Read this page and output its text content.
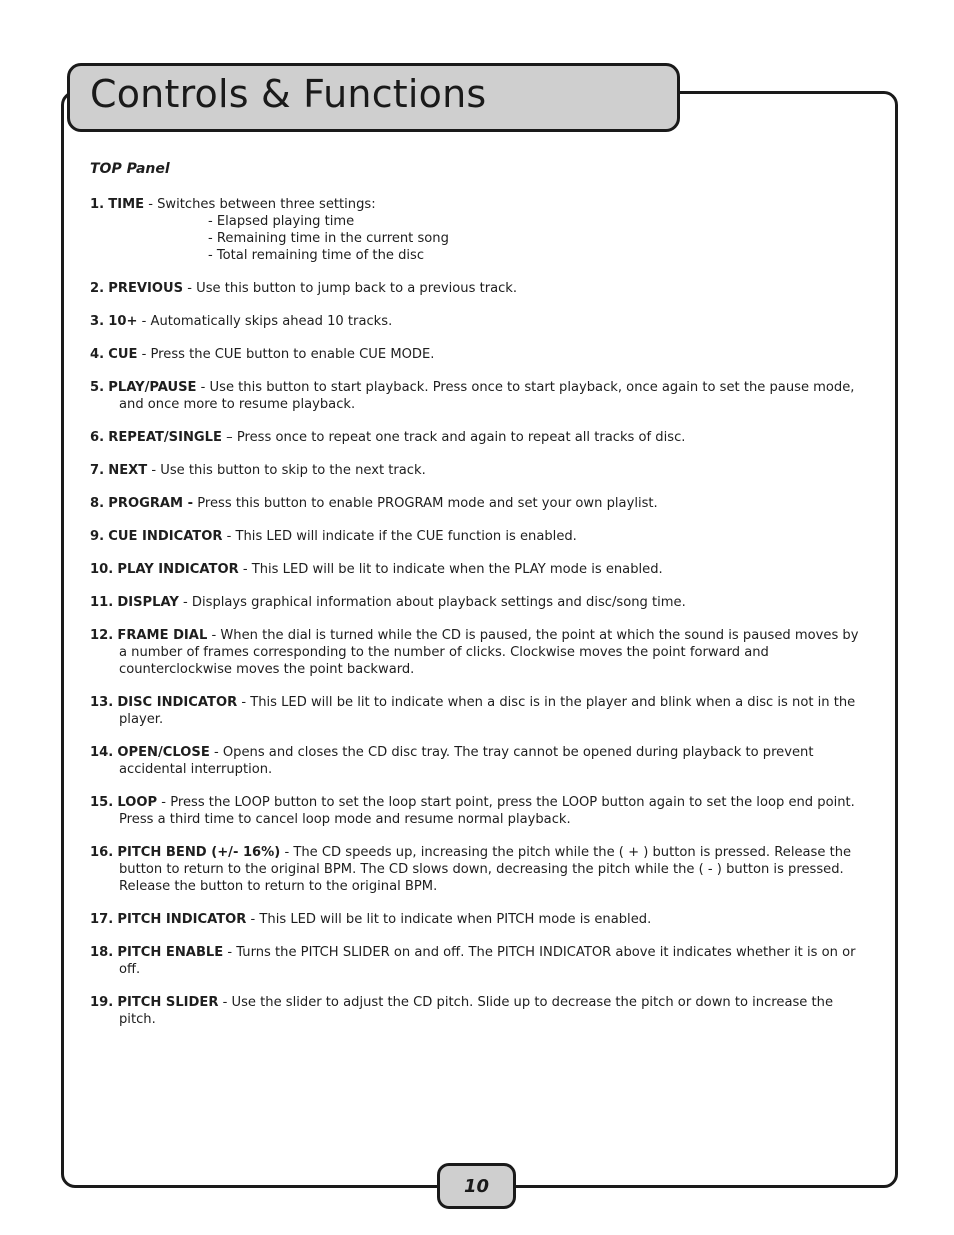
Controls & Functions
TOP Panel
1. TIME - Switches between three settings:
- Elapsed playing time
- Remaining time in the current song
- Total remaining time of the disc
2. PREVIOUS - Use this button to jump back to a previous track.
3. 10+ - Automatically skips ahead 10 tracks.
4. CUE - Press the CUE button to enable CUE MODE.
5. PLAY/PAUSE - Use this button to start playback. Press once to start playback, once again to set the pause mode, and once more to resume playback.
6. REPEAT/SINGLE – Press once to repeat one track and again to repeat all tracks of disc.
7. NEXT - Use this button to skip to the next track.
8. PROGRAM - Press this button to enable PROGRAM mode and set your own playlist.
9. CUE INDICATOR - This LED will indicate if the CUE function is enabled.
10. PLAY INDICATOR - This LED will be lit to indicate when the PLAY mode is enabled.
11. DISPLAY - Displays graphical information about playback settings and disc/song time.
12. FRAME DIAL - When the dial is turned while the CD is paused, the point at which the sound is paused moves by a number of frames corresponding to the number of clicks. Clockwise moves the point forward and counterclockwise moves the point backward.
13. DISC INDICATOR - This LED will be lit to indicate when a disc is in the player and blink when a disc is not in the player.
14. OPEN/CLOSE - Opens and closes the CD disc tray. The tray cannot be opened during playback to prevent accidental interruption.
15. LOOP - Press the LOOP button to set the loop start point, press the LOOP button again to set the loop end point. Press a third time to cancel loop mode and resume normal playback.
16. PITCH BEND (+/- 16%) - The CD speeds up, increasing the pitch while the ( + ) button is pressed. Release the button to return to the original BPM. The CD slows down, decreasing the pitch while the ( - ) button is pressed. Release the button to return to the original BPM.
17. PITCH INDICATOR - This LED will be lit to indicate when PITCH mode is enabled.
18. PITCH ENABLE - Turns the PITCH SLIDER on and off. The PITCH INDICATOR above it indicates whether it is on or off.
19. PITCH SLIDER - Use the slider to adjust the CD pitch. Slide up to decrease the pitch or down to increase the pitch.
10
